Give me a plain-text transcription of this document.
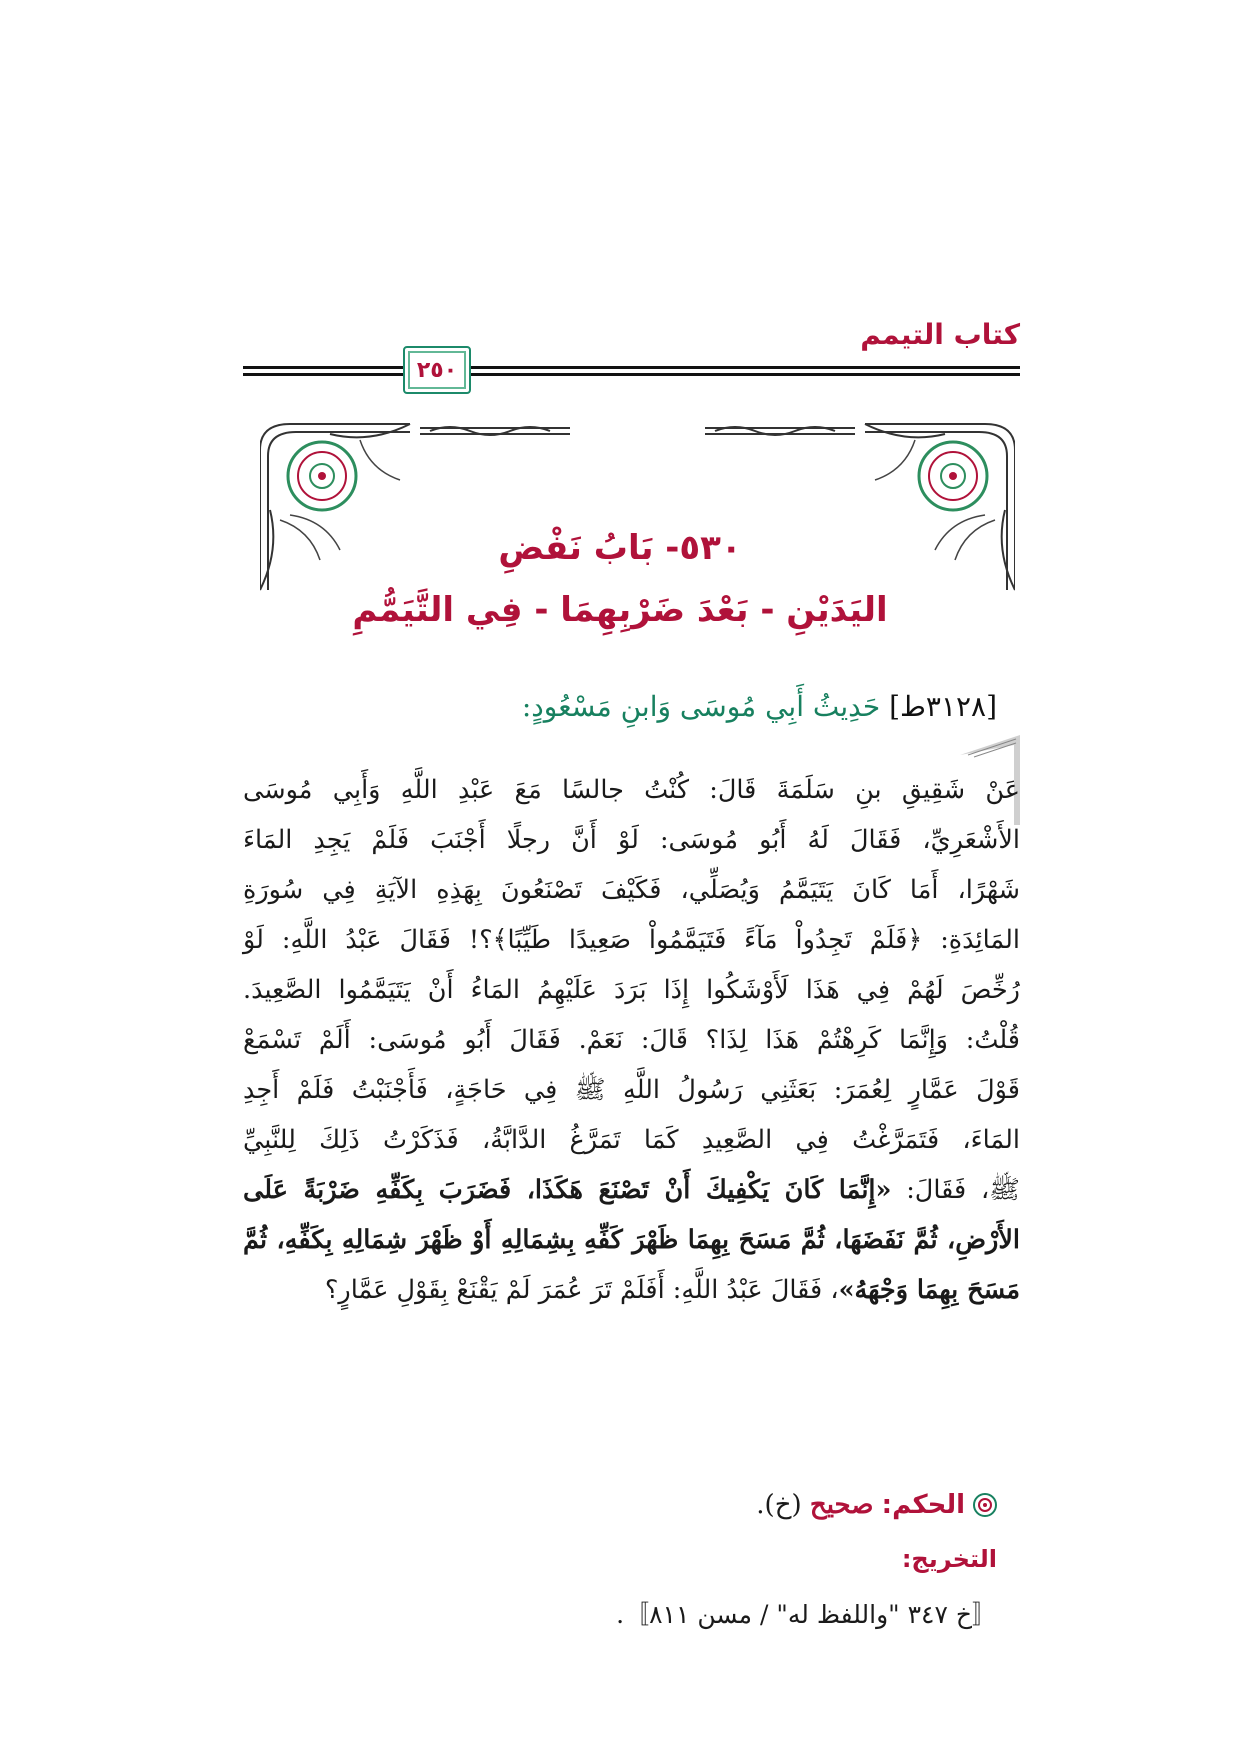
كتاب التيمم
٢٥٠
٥٣٠- بَابُ نَفْضِ
اليَدَيْنِ - بَعْدَ ضَرْبِهِمَا - فِي التَّيَمُّمِ
[٣١٢٨ط] حَدِيثُ أَبِي مُوسَى وَابنِ مَسْعُودٍ:
عَنْ شَقِيقِ بنِ سَلَمَةَ قَالَ: كُنْتُ جالسًا مَعَ عَبْدِ اللَّهِ وَأَبِي مُوسَى
الأَشْعَرِيِّ، فَقَالَ لَهُ أَبُو مُوسَى: لَوْ أَنَّ رجلًا أَجْنَبَ فَلَمْ يَجِدِ المَاءَ
شَهْرًا، أَمَا كَانَ يَتَيَمَّمُ وَيُصَلِّي، فَكَيْفَ تَصْنَعُونَ بِهَذِهِ الآيَةِ فِي سُورَةِ
المَائِدَةِ: ﴿فَلَمْ تَجِدُواْ مَآءً فَتَيَمَّمُواْ صَعِيدًا طَيِّبًا﴾؟! فَقَالَ عَبْدُ اللَّهِ: لَوْ
رُخِّصَ لَهُمْ فِي هَذَا لَأَوْشَكُوا إِذَا بَرَدَ عَلَيْهِمُ المَاءُ أَنْ يَتَيَمَّمُوا الصَّعِيدَ.
قُلْتُ: وَإِنَّمَا كَرِهْتُمْ هَذَا لِذَا؟ قَالَ: نَعَمْ. فَقَالَ أَبُو مُوسَى: أَلَمْ تَسْمَعْ
قَوْلَ عَمَّارٍ لِعُمَرَ: بَعَثَنِي رَسُولُ اللَّهِ ﷺ فِي حَاجَةٍ، فَأَجْنَبْتُ فَلَمْ أَجِدِ
المَاءَ، فَتَمَرَّغْتُ فِي الصَّعِيدِ كَمَا تَمَرَّغُ الدَّابَّةُ، فَذَكَرْتُ ذَلِكَ لِلنَّبِيِّ
ﷺ، فَقَالَ: «إِنَّمَا كَانَ يَكْفِيكَ أَنْ تَصْنَعَ هَكَذَا، فَضَرَبَ بِكَفِّهِ ضَرْبَةً عَلَى
الأَرْضِ، ثُمَّ نَفَضَهَا، ثُمَّ مَسَحَ بِهِمَا ظَهْرَ كَفِّهِ بِشِمَالِهِ أَوْ ظَهْرَ شِمَالِهِ بِكَفِّهِ، ثُمَّ
مَسَحَ بِهِمَا وَجْهَهُ»، فَقَالَ عَبْدُ اللَّهِ: أَفَلَمْ تَرَ عُمَرَ لَمْ يَقْنَعْ بِقَوْلِ عَمَّارٍ؟
الحكم: صحيح (خ).
التخريج:
〚خ ٣٤٧ "واللفظ له" / مسن ٨١١〛.
